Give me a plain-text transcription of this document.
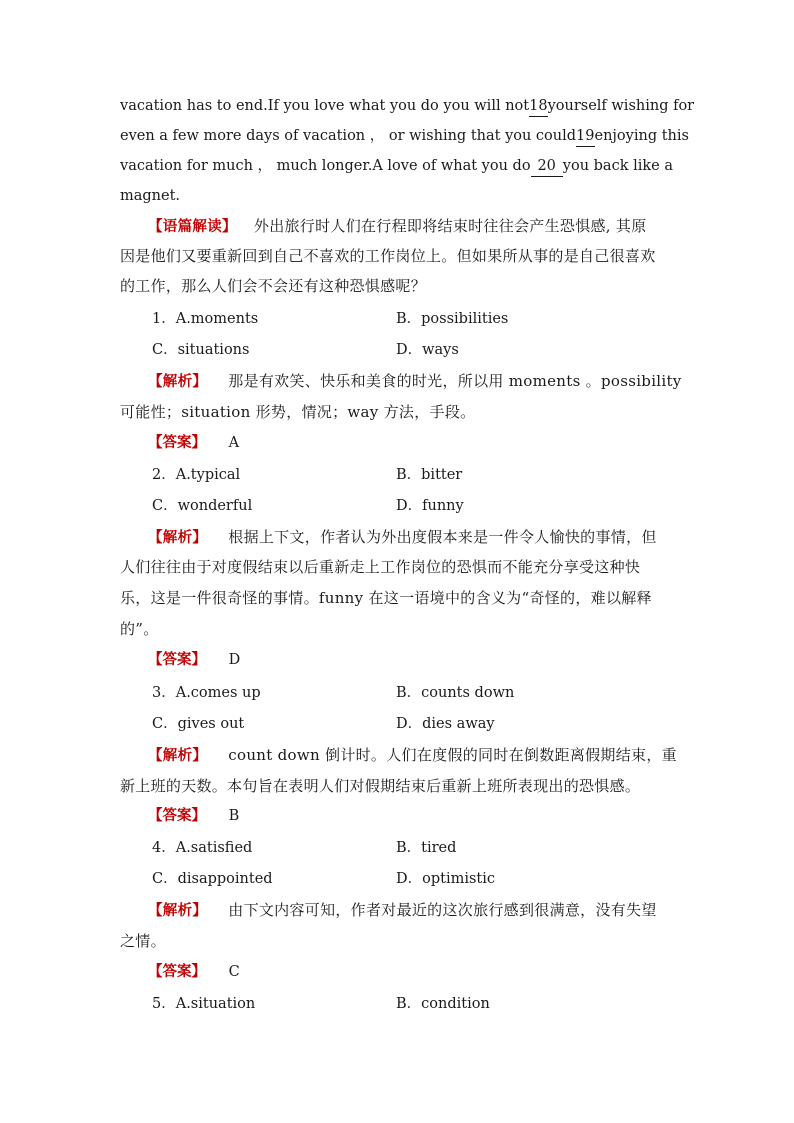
vacation has to end.If you love what you do you will not 18 yourself wishing for
even a few more days of vacation ， or wishing that you could 19 enjoying this
vacation for much ， much longer.A love of what you do 20 you back like a
magnet.
【语篇解读】 外出旅行时人们在行程即将结束时往往会产生恐惧感, 其原
因是他们又要重新回到自己不喜欢的工作岗位上。但如果所从事的是自己很喜欢
的工作，那么人们会不会还有这种恐惧感呢？
1．A.moments	B．possibilities
C．situations	D．ways
【解析】 那是有欢笑、快乐和美食的时光，所以用 moments 。possibility
可能性；situation 形势，情况；way 方法，手段。
【答案】 A
2．A.typical	B．bitter
C．wonderful	D．funny
【解析】 根据上下文，作者认为外出度假本来是一件令人愉快的事情，但
人们往往由于对度假结束以后重新走上工作岗位的恐惧而不能充分享受这种快
乐，这是一件很奇怪的事情。funny 在这一语境中的含义为“奇怪的，难以解释
的”。
【答案】 D
3．A.comes up	B．counts down
C．gives out	D．dies away
【解析】 count down 倒计时。人们在度假的同时在倒数距离假期结束，重
新上班的天数。本句旨在表明人们对假期结束后重新上班所表现出的恐惧感。
【答案】 B
4．A.satisfied	B．tired
C．disappointed	D．optimistic
【解析】 由下文内容可知，作者对最近的这次旅行感到很满意，没有失望
之情。
【答案】 C
5．A.situation	B．condition
